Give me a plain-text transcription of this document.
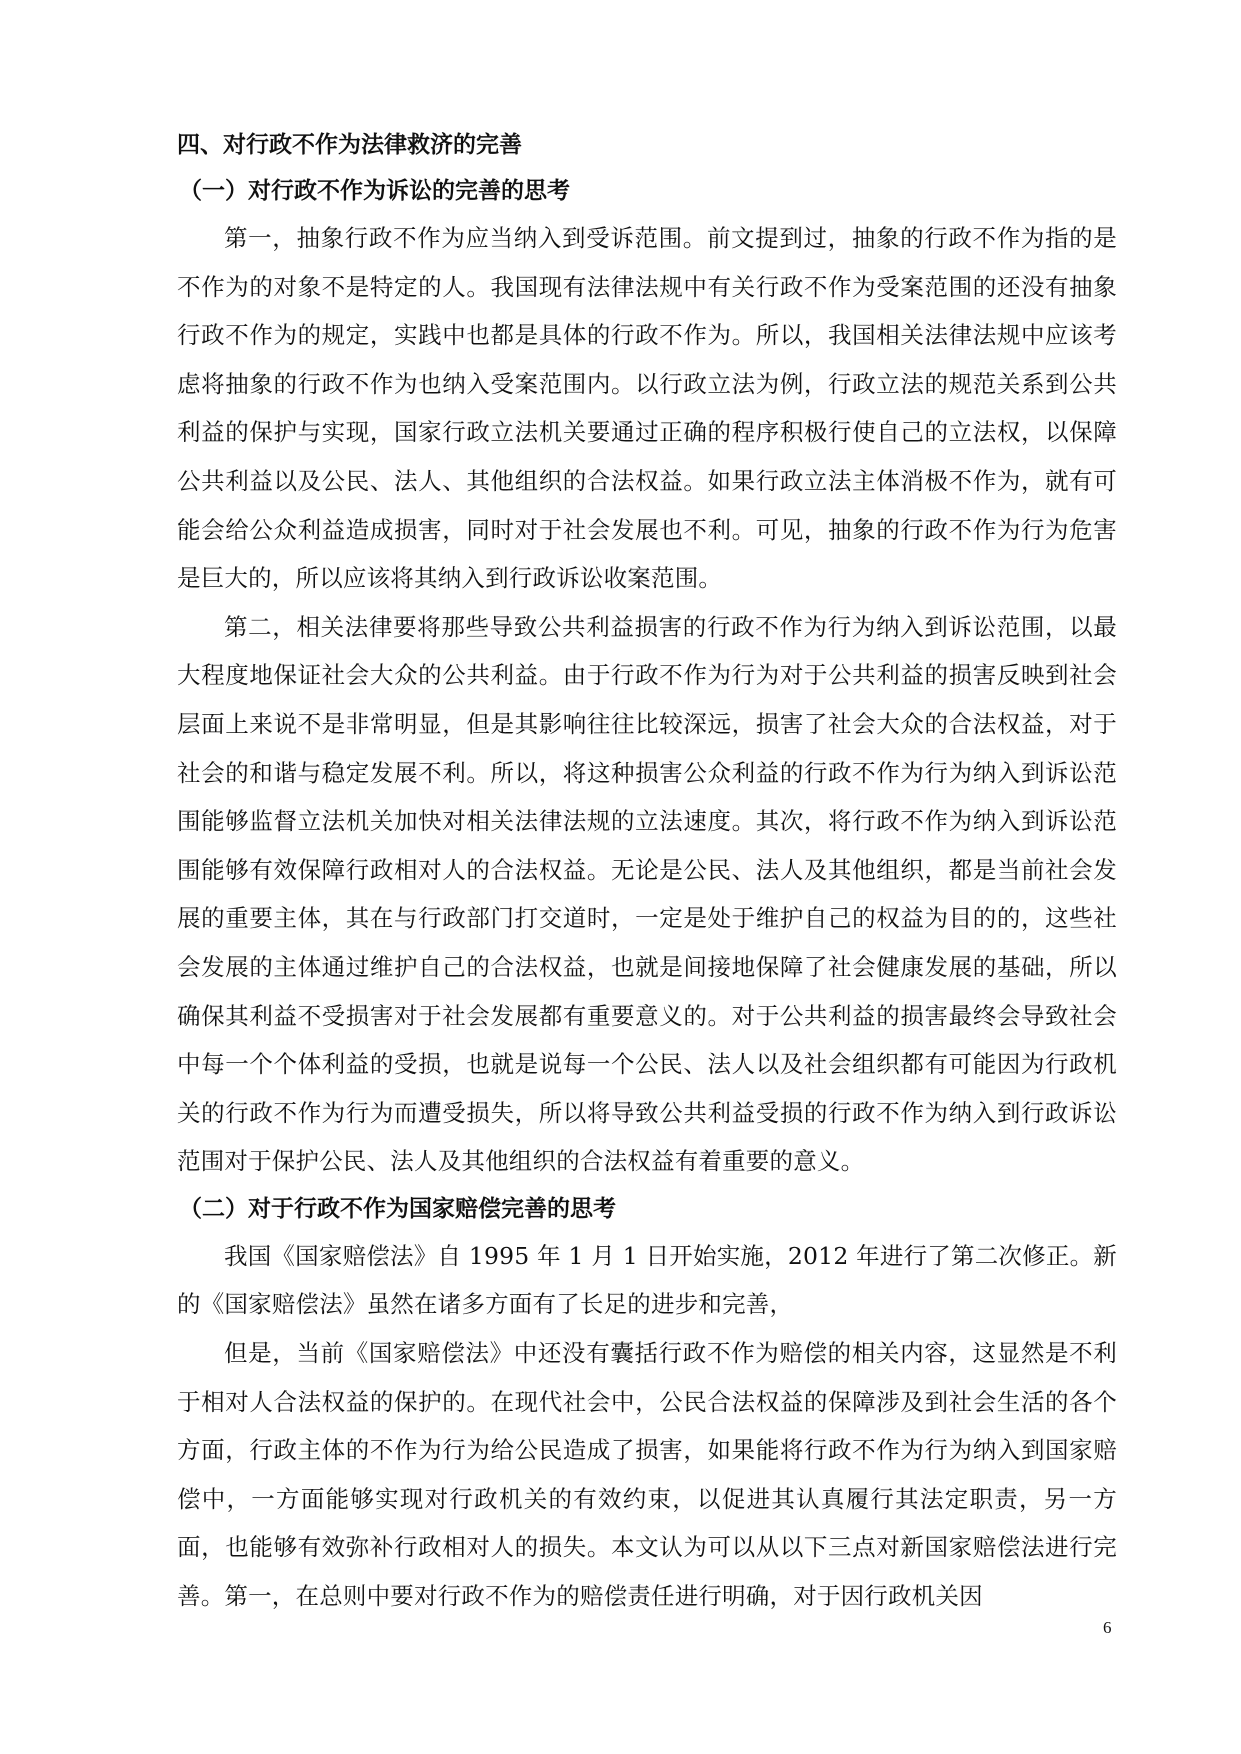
四、对行政不作为法律救济的完善

（一）对行政不作为诉讼的完善的思考

第一，抽象行政不作为应当纳入到受诉范围。前文提到过，抽象的行政不作为指的是不作为的对象不是特定的人。我国现有法律法规中有关行政不作为受案范围的还没有抽象行政不作为的规定，实践中也都是具体的行政不作为。所以，我国相关法律法规中应该考虑将抽象的行政不作为也纳入受案范围内。以行政立法为例，行政立法的规范关系到公共利益的保护与实现，国家行政立法机关要通过正确的程序积极行使自己的立法权，以保障公共利益以及公民、法人、其他组织的合法权益。如果行政立法主体消极不作为，就有可能会给公众利益造成损害，同时对于社会发展也不利。可见，抽象的行政不作为行为危害是巨大的，所以应该将其纳入到行政诉讼收案范围。

第二，相关法律要将那些导致公共利益损害的行政不作为行为纳入到诉讼范围，以最大程度地保证社会大众的公共利益。由于行政不作为行为对于公共利益的损害反映到社会层面上来说不是非常明显，但是其影响往往比较深远，损害了社会大众的合法权益，对于社会的和谐与稳定发展不利。所以，将这种损害公众利益的行政不作为行为纳入到诉讼范围能够监督立法机关加快对相关法律法规的立法速度。其次，将行政不作为纳入到诉讼范围能够有效保障行政相对人的合法权益。无论是公民、法人及其他组织，都是当前社会发展的重要主体，其在与行政部门打交道时，一定是处于维护自己的权益为目的的，这些社会发展的主体通过维护自己的合法权益，也就是间接地保障了社会健康发展的基础，所以确保其利益不受损害对于社会发展都有重要意义的。对于公共利益的损害最终会导致社会中每一个个体利益的受损，也就是说每一个公民、法人以及社会组织都有可能因为行政机关的行政不作为行为而遭受损失，所以将导致公共利益受损的行政不作为纳入到行政诉讼范围对于保护公民、法人及其他组织的合法权益有着重要的意义。

（二）对于行政不作为国家赔偿完善的思考

我国《国家赔偿法》自 1995 年 1 月 1 日开始实施，2012 年进行了第二次修正。新的《国家赔偿法》虽然在诸多方面有了长足的进步和完善，

但是，当前《国家赔偿法》中还没有囊括行政不作为赔偿的相关内容，这显然是不利于相对人合法权益的保护的。在现代社会中，公民合法权益的保障涉及到社会生活的各个方面，行政主体的不作为行为给公民造成了损害，如果能将行政不作为行为纳入到国家赔偿中，一方面能够实现对行政机关的有效约束，以促进其认真履行其法定职责，另一方面，也能够有效弥补行政相对人的损失。本文认为可以从以下三点对新国家赔偿法进行完善。第一，在总则中要对行政不作为的赔偿责任进行明确，对于因行政机关因

6
